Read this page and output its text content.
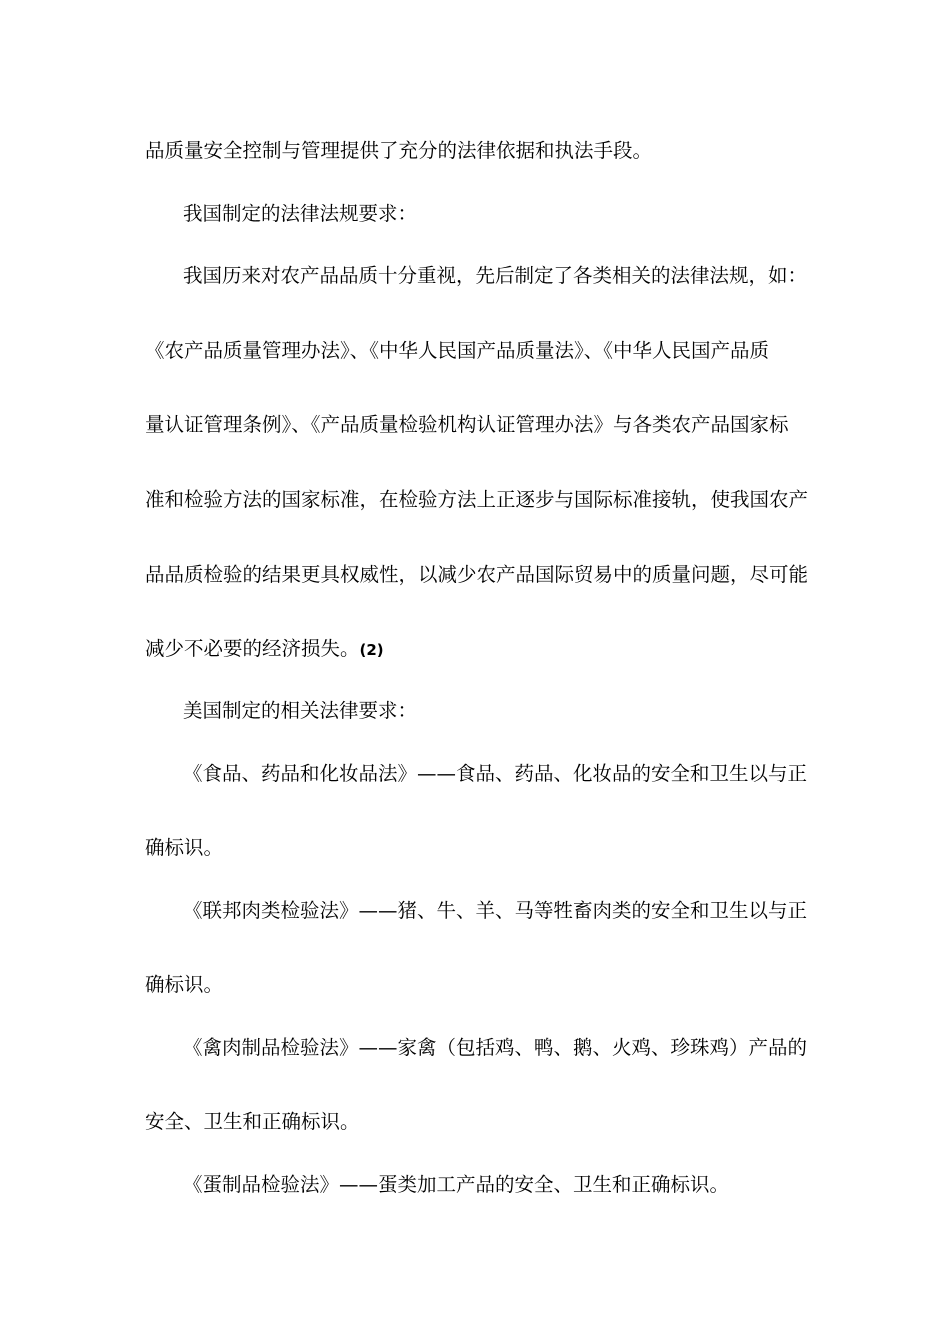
品质量安全控制与管理提供了充分的法律依据和执法手段。
我国制定的法律法规要求：
我国历来对农产品品质十分重视，先后制定了各类相关的法律法规，如：
《农产品质量管理办法》、《中华人民国产品质量法》、《中华人民国产品质
量认证管理条例》、《产品质量检验机构认证管理办法》与各类农产品国家标
准和检验方法的国家标准，在检验方法上正逐步与国际标准接轨，使我国农产
品品质检验的结果更具权威性，以减少农产品国际贸易中的质量问题，尽可能
减少不必要的经济损失。(2)
美国制定的相关法律要求：
《食品、药品和化妆品法》——食品、药品、化妆品的安全和卫生以与正
确标识。
《联邦肉类检验法》——猪、牛、羊、马等牲畜肉类的安全和卫生以与正
确标识。
《禽肉制品检验法》——家禽（包括鸡、鸭、鹅、火鸡、珍珠鸡）产品的
安全、卫生和正确标识。
《蛋制品检验法》——蛋类加工产品的安全、卫生和正确标识。
